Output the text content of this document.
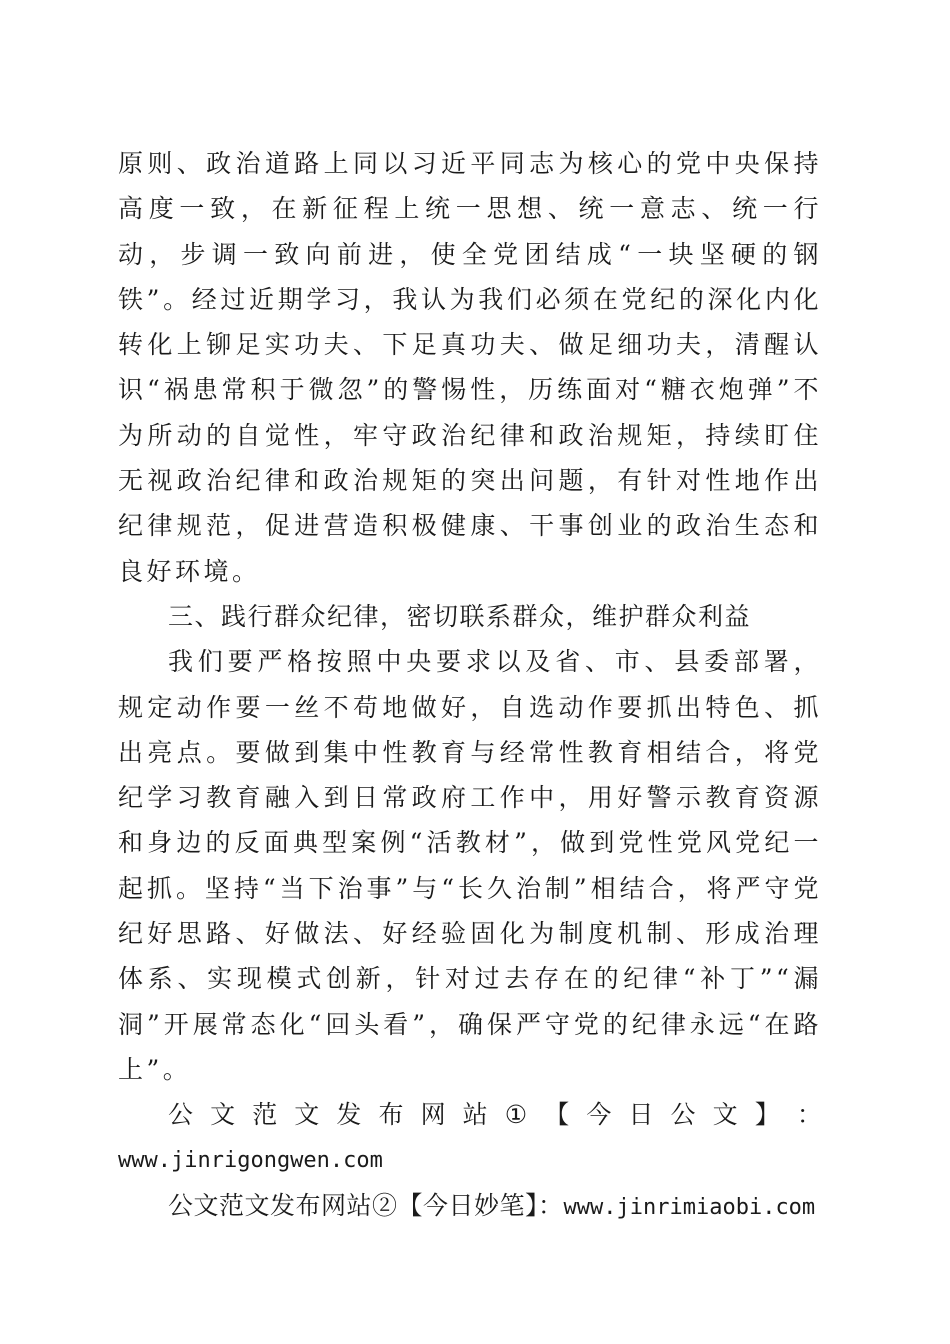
原则、政治道路上同以习近平同志为核心的党中央保持高度一致，在新征程上统一思想、统一意志、统一行动，步调一致向前进，使全党团结成“一块坚硬的钢铁”。经过近期学习，我认为我们必须在党纪的深化内化转化上铆足实功夫、下足真功夫、做足细功夫，清醒认识“祸患常积于微忽”的警惕性，历练面对“糖衣炮弹”不为所动的自觉性，牢守政治纪律和政治规矩，持续盯住无视政治纪律和政治规矩的突出问题，有针对性地作出纪律规范，促进营造积极健康、干事创业的政治生态和良好环境。

三、践行群众纪律，密切联系群众，维护群众利益

我们要严格按照中央要求以及省、市、县委部署，规定动作要一丝不苟地做好，自选动作要抓出特色、抓出亮点。要做到集中性教育与经常性教育相结合，将党纪学习教育融入到日常政府工作中，用好警示教育资源和身边的反面典型案例“活教材”，做到党性党风党纪一起抓。坚持“当下治事”与“长久治制”相结合，将严守党纪好思路、好做法、好经验固化为制度机制、形成治理体系、实现模式创新，针对过去存在的纪律“补丁”“漏洞”开展常态化“回头看”，确保严守党的纪律永远“在路上”。

公 文 范 文 发 布 网 站 ① 【 今 日 公 文 】 ：

www.jinrigongwen.com

公文范文发布网站②【今日妙笔】：www.jinrimiaobi.com
